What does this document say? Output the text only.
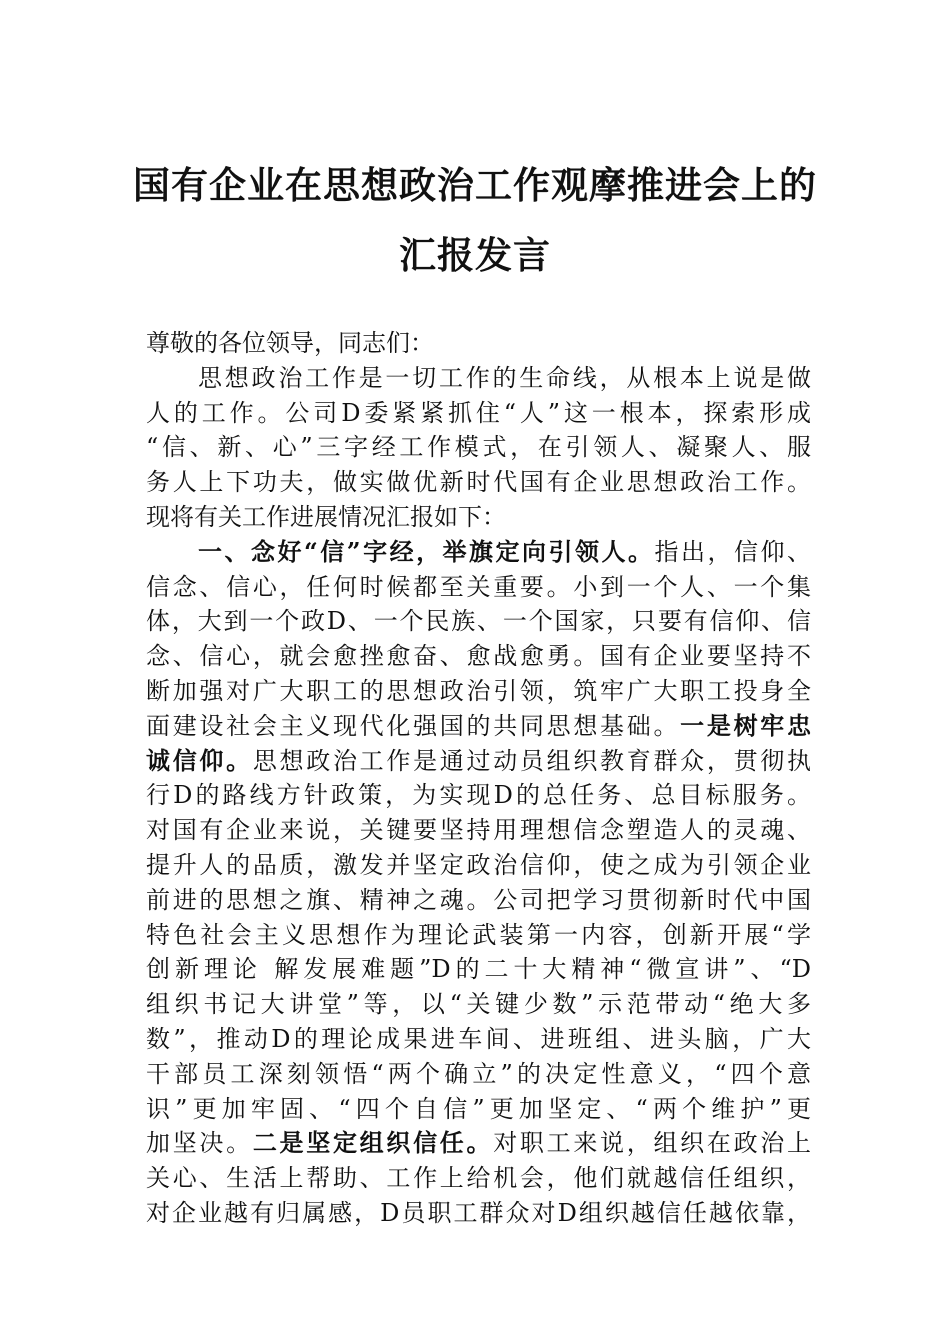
国有企业在思想政治工作观摩推进会上的
汇报发言
尊敬的各位领导，同志们：
思想政治工作是一切工作的生命线，从根本上说是做
人的工作。公司D委紧紧抓住“人”这一根本，探索形成
“信、新、心”三字经工作模式，在引领人、凝聚人、服
务人上下功夫，做实做优新时代国有企业思想政治工作。
现将有关工作进展情况汇报如下：
一、念好“信”字经，举旗定向引领人。指出，信仰、
信念、信心，任何时候都至关重要。小到一个人、一个集
体，大到一个政D、一个民族、一个国家，只要有信仰、信
念、信心，就会愈挫愈奋、愈战愈勇。国有企业要坚持不
断加强对广大职工的思想政治引领，筑牢广大职工投身全
面建设社会主义现代化强国的共同思想基础。一是树牢忠
诚信仰。思想政治工作是通过动员组织教育群众，贯彻执
行D的路线方针政策，为实现D的总任务、总目标服务。
对国有企业来说，关键要坚持用理想信念塑造人的灵魂、
提升人的品质，激发并坚定政治信仰，使之成为引领企业
前进的思想之旗、精神之魂。公司把学习贯彻新时代中国
特色社会主义思想作为理论武装第一内容，创新开展“学
创新理论 解发展难题”D的二十大精神“微宣讲”、“D
组织书记大讲堂”等，以“关键少数”示范带动“绝大多
数”，推动D的理论成果进车间、进班组、进头脑，广大
干部员工深刻领悟“两个确立”的决定性意义，“四个意
识”更加牢固、“四个自信”更加坚定、“两个维护”更
加坚决。二是坚定组织信任。对职工来说，组织在政治上
关心、生活上帮助、工作上给机会，他们就越信任组织，
对企业越有归属感，D员职工群众对D组织越信任越依靠，
